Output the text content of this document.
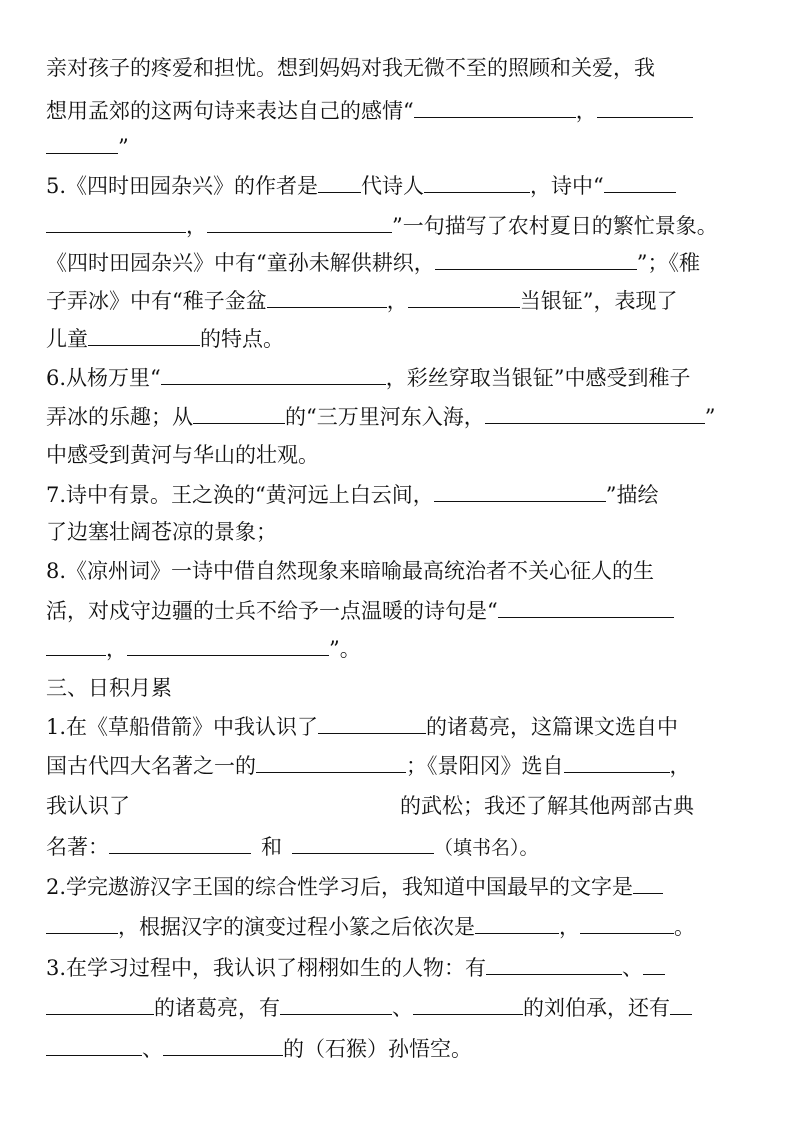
亲对孩子的疼爱和担忧。想到妈妈对我无微不至的照顾和关爱，我
想用孟郊的这两句诗来表达自己的感情“	，
”
5.《四时田园杂兴》的作者是 代诗人	，诗中“
，	”一句描写了农村夏日的繁忙景象。
《四时田园杂兴》中有“童孙未解供耕织，	”；《稚
子弄冰》中有“稚子金盆	，	当银钲”，表现了
儿童	的特点。
6.从杨万里“	，彩丝穿取当银钲”中感受到稚子
弄冰的乐趣；从	的“三万里河东入海，	”
中感受到黄河与华山的壮观。
7.诗中有景。王之涣的“黄河远上白云间，	”描绘
了边塞壮阔苍凉的景象；
8.《凉州词》一诗中借自然现象来暗喻最高统治者不关心征人的生
活，对戍守边疆的士兵不给予一点温暖的诗句是“
，	”。
三、日积月累
1.在《草船借箭》中我认识了	的诸葛亮，这篇课文选自中
国古代四大名著之一的	；《景阳冈》选自	，
我认识了	的武松；我还了解其他两部古典
名著：	和	（填书名）。
2.学完遨游汉字王国的综合性学习后，我知道中国最早的文字是
，根据汉字的演变过程小篆之后依次是	，	。
3.在学习过程中，我认识了栩栩如生的人物：有	、
的诸葛亮，有	、	的刘伯承，还有
、	的（石猴）孙悟空。
